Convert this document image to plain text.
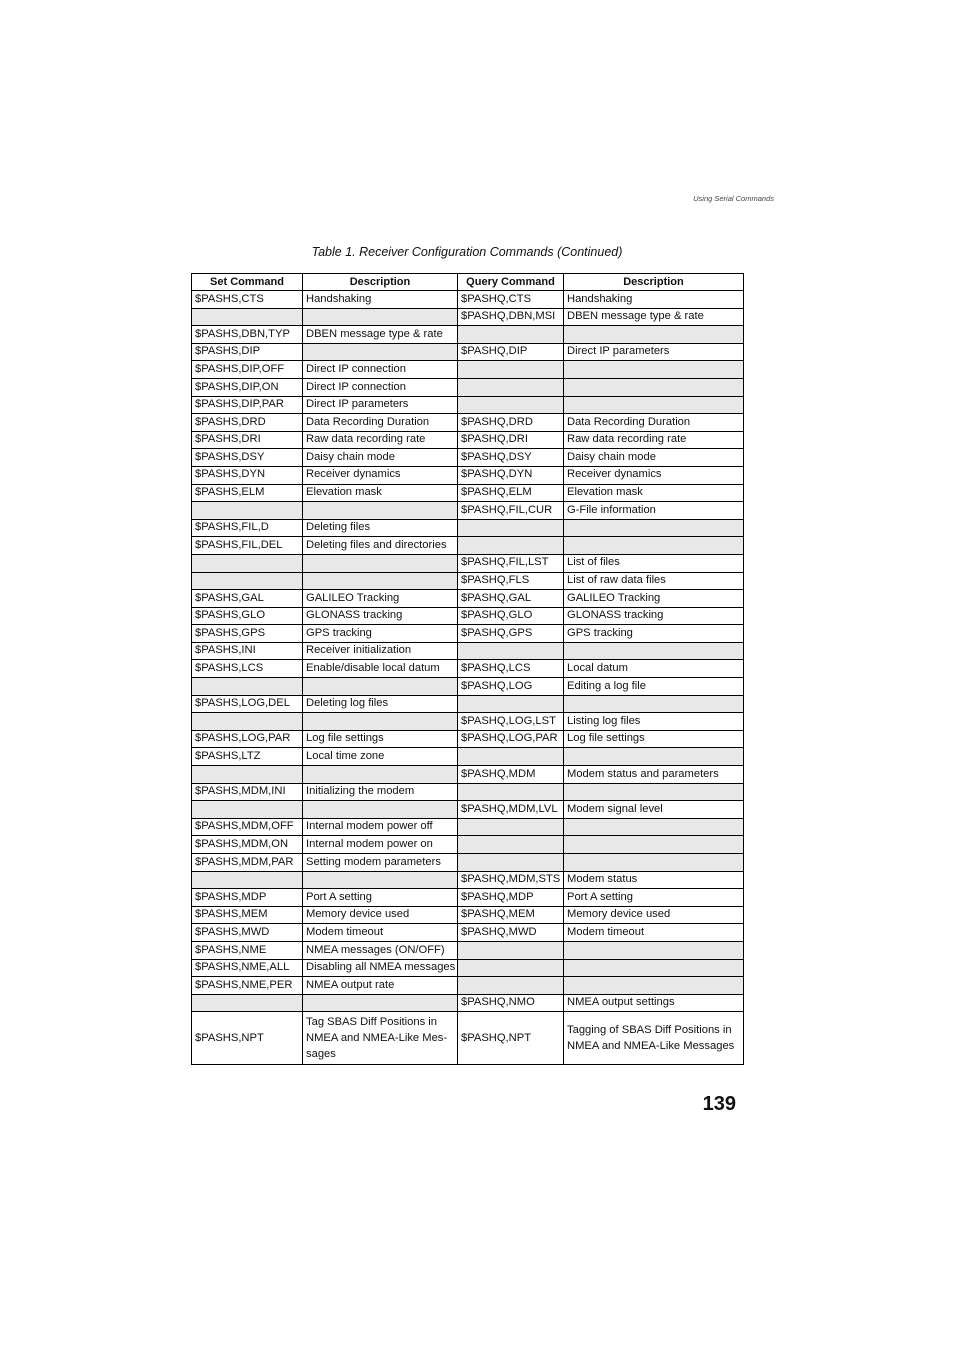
Using Serial Commands
Table 1. Receiver Configuration Commands (Continued)
Set Command	Description	Query Command	Description
$PASHS,CTS	Handshaking	$PASHQ,CTS	Handshaking
		$PASHQ,DBN,MSI	DBEN message type & rate
$PASHS,DBN,TYP	DBEN message type & rate		
$PASHS,DIP		$PASHQ,DIP	Direct IP parameters
$PASHS,DIP,OFF	Direct IP connection		
$PASHS,DIP,ON	Direct IP connection		
$PASHS,DIP,PAR	Direct IP parameters		
$PASHS,DRD	Data Recording Duration	$PASHQ,DRD	Data Recording Duration
$PASHS,DRI	Raw data recording rate	$PASHQ,DRI	Raw data recording rate
$PASHS,DSY	Daisy chain mode	$PASHQ,DSY	Daisy chain mode
$PASHS,DYN	Receiver dynamics	$PASHQ,DYN	Receiver dynamics
$PASHS,ELM	Elevation mask	$PASHQ,ELM	Elevation mask
		$PASHQ,FIL,CUR	G-File information
$PASHS,FIL,D	Deleting files		
$PASHS,FIL,DEL	Deleting files and directories		
		$PASHQ,FIL,LST	List of files
		$PASHQ,FLS	List of raw data files
$PASHS,GAL	GALILEO Tracking	$PASHQ,GAL	GALILEO Tracking
$PASHS,GLO	GLONASS tracking	$PASHQ,GLO	GLONASS tracking
$PASHS,GPS	GPS tracking	$PASHQ,GPS	GPS tracking
$PASHS,INI	Receiver initialization		
$PASHS,LCS	Enable/disable local datum	$PASHQ,LCS	Local datum
		$PASHQ,LOG	Editing a log file
$PASHS,LOG,DEL	Deleting log files		
		$PASHQ,LOG,LST	Listing log files
$PASHS,LOG,PAR	Log file settings	$PASHQ,LOG,PAR	Log file settings
$PASHS,LTZ	Local time zone		
		$PASHQ,MDM	Modem status and parameters
$PASHS,MDM,INI	Initializing the modem		
		$PASHQ,MDM,LVL	Modem signal level
$PASHS,MDM,OFF	Internal modem power off		
$PASHS,MDM,ON	Internal modem power on		
$PASHS,MDM,PAR	Setting modem parameters		
		$PASHQ,MDM,STS	Modem status
$PASHS,MDP	Port A setting	$PASHQ,MDP	Port A setting
$PASHS,MEM	Memory device used	$PASHQ,MEM	Memory device used
$PASHS,MWD	Modem timeout	$PASHQ,MWD	Modem timeout
$PASHS,NME	NMEA messages (ON/OFF)		
$PASHS,NME,ALL	Disabling all NMEA messages		
$PASHS,NME,PER	NMEA output rate		
		$PASHQ,NMO	NMEA output settings
$PASHS,NPT	Tag SBAS Diff Positions in NMEA and NMEA-Like Mes-sages	$PASHQ,NPT	Tagging of SBAS Diff Positions in NMEA and NMEA-Like Messages
139
